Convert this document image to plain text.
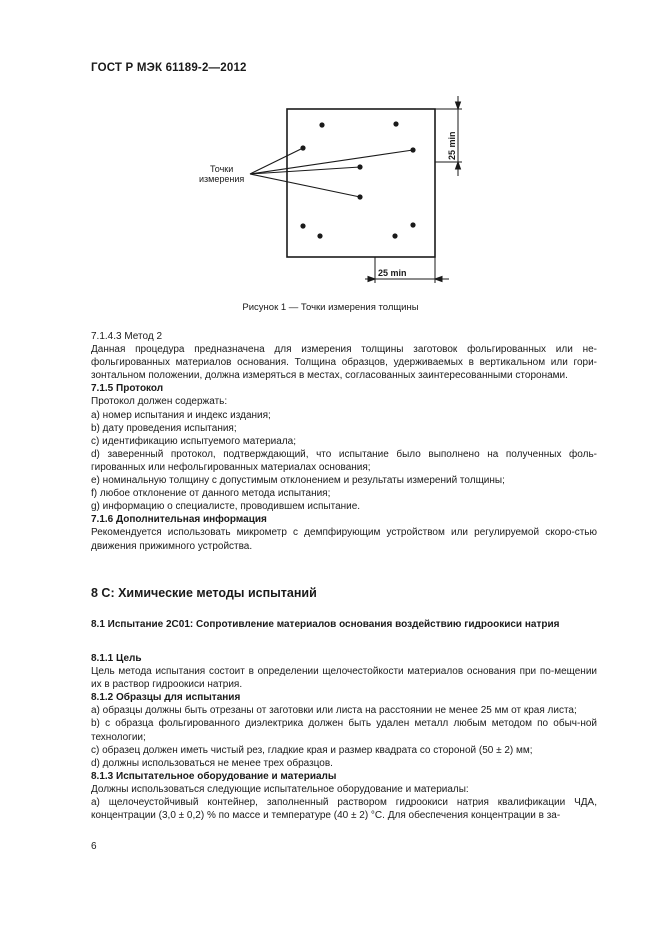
ГОСТ Р МЭК 61189-2—2012
25 min
25 min
Точки
измерения
Рисунок 1 — Точки измерения толщины

7.1.4.3 Метод 2

Данная процедура предназначена для измерения толщины заготовок фольгированных или не-фольгированных материалов основания. Толщина образцов, удерживаемых в вертикальном или гори-зонтальном положении, должна измеряться в местах, согласованных заинтересованными сторонами.

7.1.5 Протокол

Протокол должен содержать:

а) номер испытания и индекс издания;

b) дату проведения испытания;

с) идентификацию испытуемого материала;

d) заверенный протокол, подтверждающий, что испытание было выполнено на полученных фоль-гированных или нефольгированных материалах основания;

е) номинальную толщину с допустимым отклонением и результаты измерений толщины;

f) любое отклонение от данного метода испытания;

g) информацию о специалисте, проводившем испытание.

7.1.6 Дополнительная информация

Рекомендуется использовать микрометр с демпфирующим устройством или регулируемой скоро-стью движения прижимного устройства.

8 С: Химические методы испытаний
8.1 Испытание 2С01: Сопротивление материалов основания воздействию гидроокиси натрия

8.1.1 Цель

Цель метода испытания состоит в определении щелочестойкости материалов основания при по-мещении их в раствор гидроокиси натрия.

8.1.2 Образцы для испытания

а) образцы должны быть отрезаны от заготовки или листа на расстоянии не менее 25 мм от края листа;

b) с образца фольгированного диэлектрика должен быть удален металл любым методом по обыч-ной технологии;

с) образец должен иметь чистый рез, гладкие края и размер квадрата со стороной (50 ± 2) мм;

d) должны использоваться не менее трех образцов.

8.1.3 Испытательное оборудование и материалы

Должны использоваться следующие испытательное оборудование и материалы:

а) щелочеустойчивый контейнер, заполненный раствором гидроокиси натрия квалификации ЧДА, концентрации (3,0 ± 0,2) % по массе и температуре (40 ± 2) °С. Для обеспечения концентрации в за-

6
